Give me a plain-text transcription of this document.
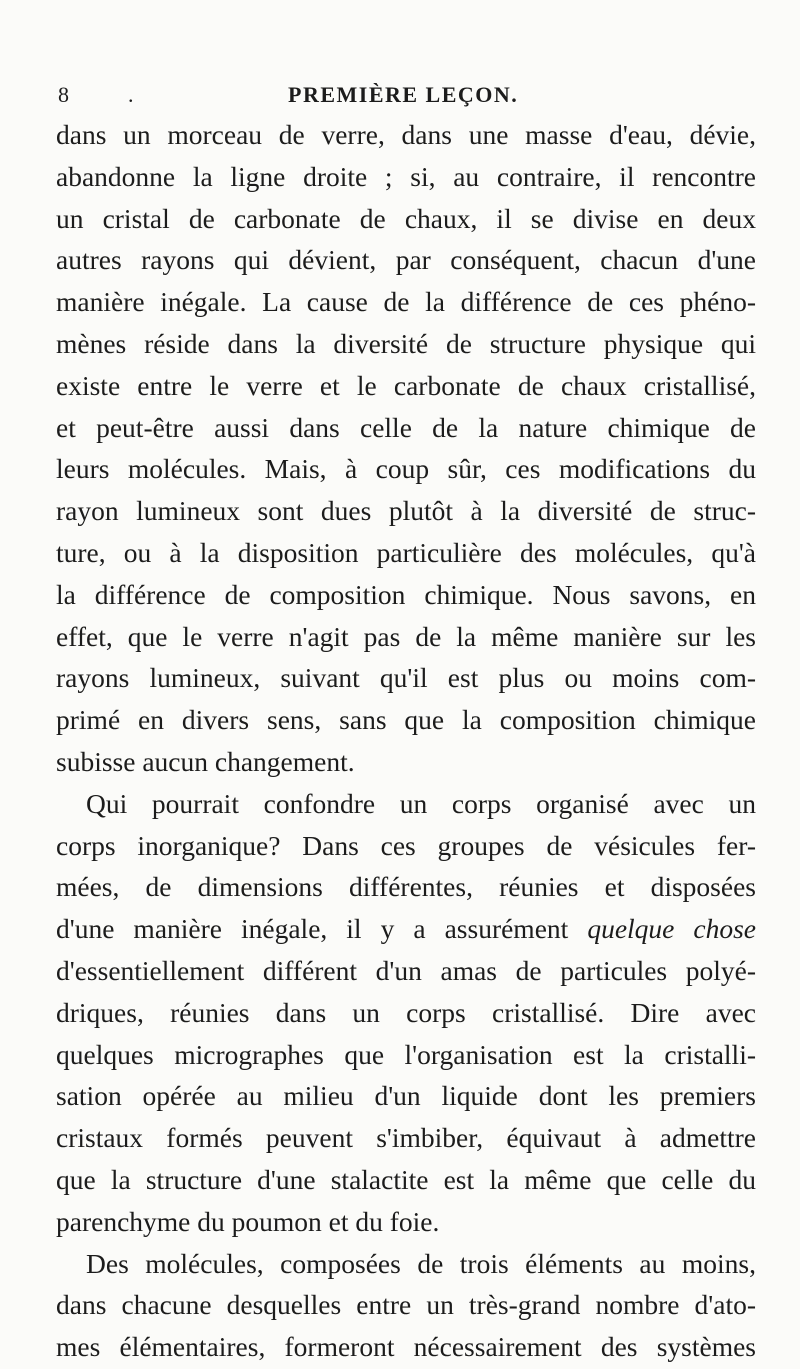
8	.	PREMIÈRE LEÇON.
dans un morceau de verre, dans une masse d'eau, dévie,
abandonne la ligne droite ; si, au contraire, il rencontre
un cristal de carbonate de chaux, il se divise en deux
autres rayons qui dévient, par conséquent, chacun d'une
manière inégale. La cause de la différence de ces phéno-
mènes réside dans la diversité de structure physique qui
existe entre le verre et le carbonate de chaux cristallisé,
et peut-être aussi dans celle de la nature chimique de
leurs molécules. Mais, à coup sûr, ces modifications du
rayon lumineux sont dues plutôt à la diversité de struc-
ture, ou à la disposition particulière des molécules, qu'à
la différence de composition chimique. Nous savons, en
effet, que le verre n'agit pas de la même manière sur les
rayons lumineux, suivant qu'il est plus ou moins com-
primé en divers sens, sans que la composition chimique
subisse aucun changement.
Qui pourrait confondre un corps organisé avec un
corps inorganique? Dans ces groupes de vésicules fer-
mées, de dimensions différentes, réunies et disposées
d'une manière inégale, il y a assurément quelque chose
d'essentiellement différent d'un amas de particules polyé-
driques, réunies dans un corps cristallisé. Dire avec
quelques micrographes que l'organisation est la cristalli-
sation opérée au milieu d'un liquide dont les premiers
cristaux formés peuvent s'imbiber, équivaut à admettre
que la structure d'une stalactite est la même que celle du
parenchyme du poumon et du foie.
Des molécules, composées de trois éléments au moins,
dans chacune desquelles entre un très-grand nombre d'ato-
mes élémentaires, formeront nécessairement des systèmes
